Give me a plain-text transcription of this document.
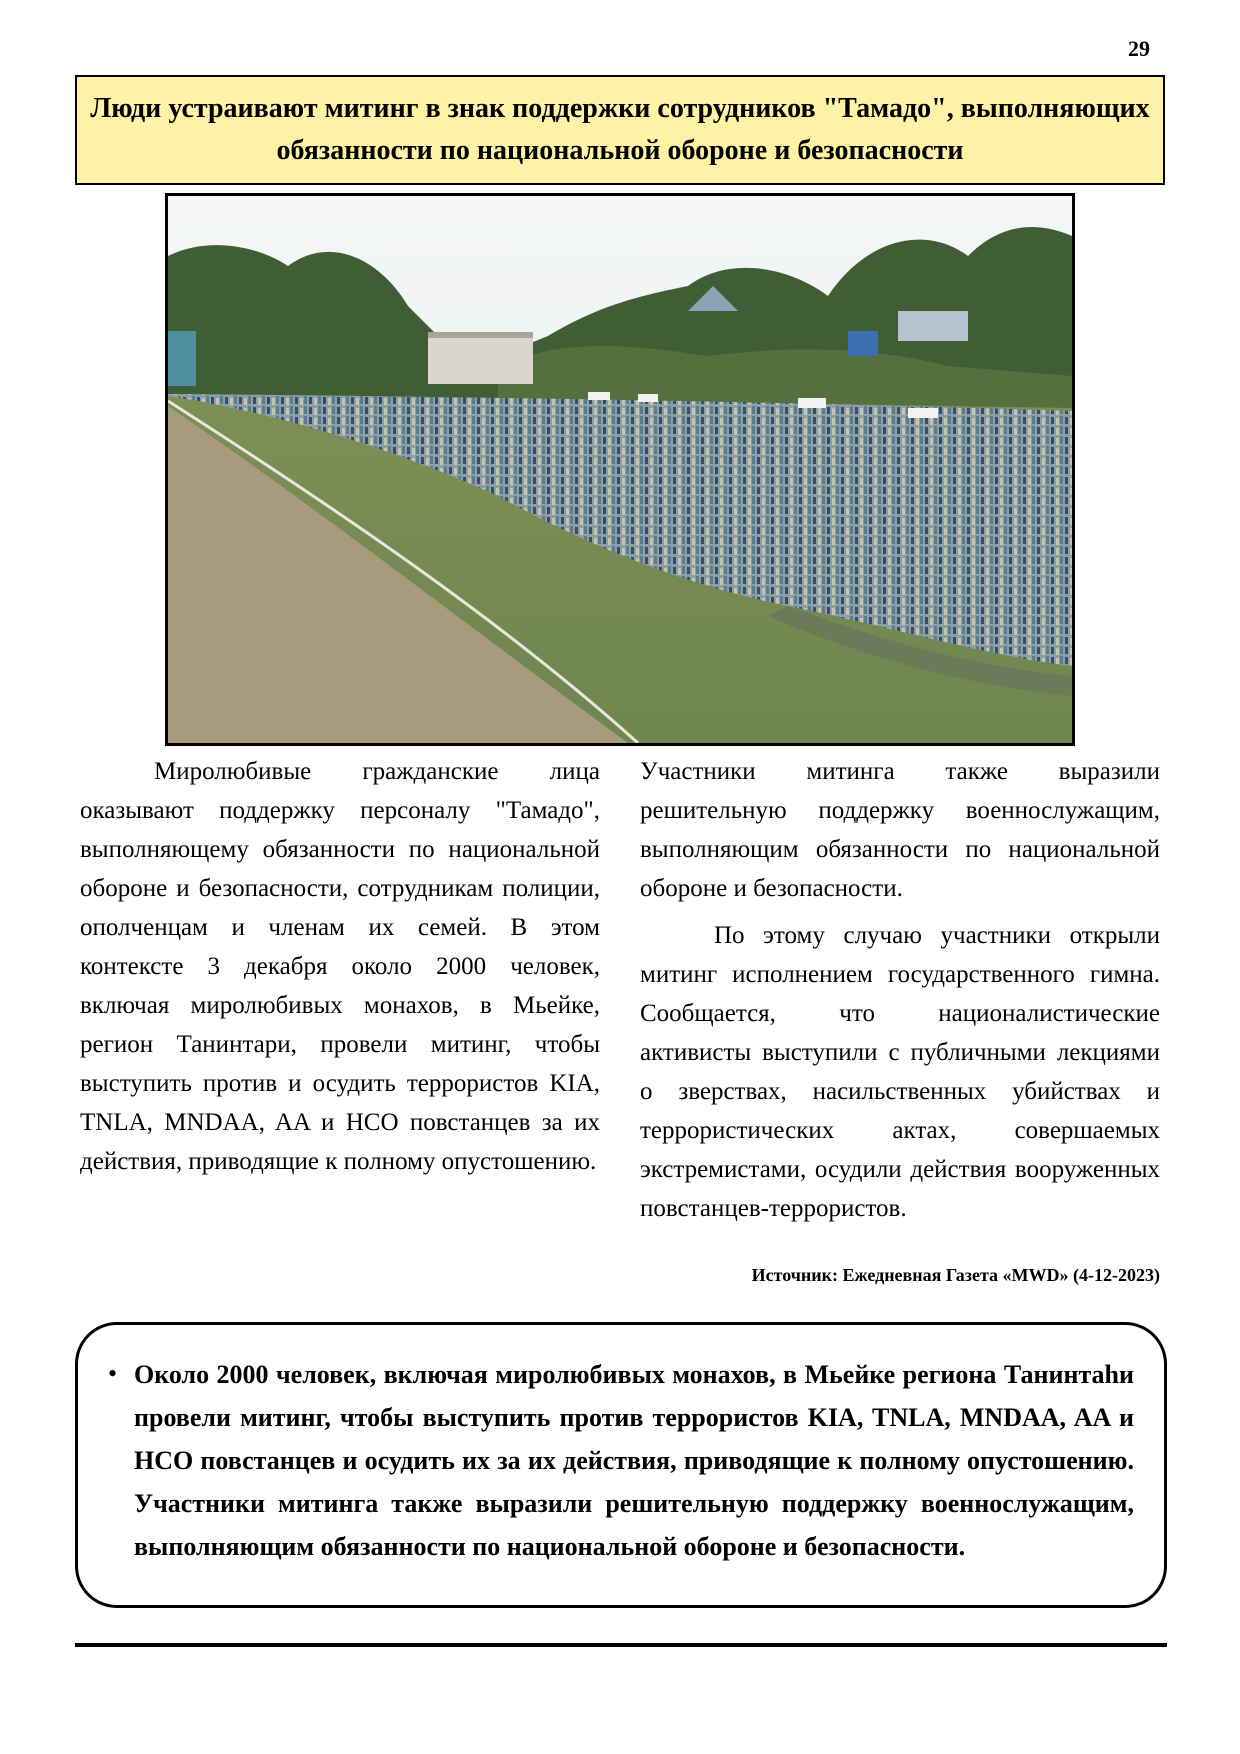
29
Люди устраивают митинг в знак поддержки сотрудников "Тамадо", выполняющих обязанности по национальной обороне и безопасности

Миролюбивые гражданские лица оказывают поддержку персоналу "Тамадо", выполняющему обязанности по национальной обороне и безопасности, сотрудникам полиции, ополченцам и членам их семей. В этом контексте 3 декабря около 2000 человек, включая миролюбивых монахов, в Мьейке, регион Танинтари, провели митинг, чтобы выступить против и осудить террористов KIA, TNLA, MNDAA, AA и НСО повстанцев за их действия, приводящие к полному опустошению.

Участники митинга также выразили решительную поддержку военнослужащим, выполняющим обязанности по национальной обороне и безопасности.

По этому случаю участники открыли митинг исполнением государственного гимна. Сообщается, что националистические активисты выступили с публичными лекциями о зверствах, насильственных убийствах и террористических актах, совершаемых экстремистами, осудили действия вооруженных повстанцев-террористов.

Источник: Ежедневная Газета «MWD» (4-12-2023)
• Около 2000 человек, включая миролюбивых монахов, в Мьейке региона Танинтаһи провели митинг, чтобы выступить против террористов KIA, TNLA, MNDAA, AA и НСО повстанцев и осудить их за их действия, приводящие к полному опустошению. Участники митинга также выразили решительную поддержку военнослужащим, выполняющим обязанности по национальной обороне и безопасности.
